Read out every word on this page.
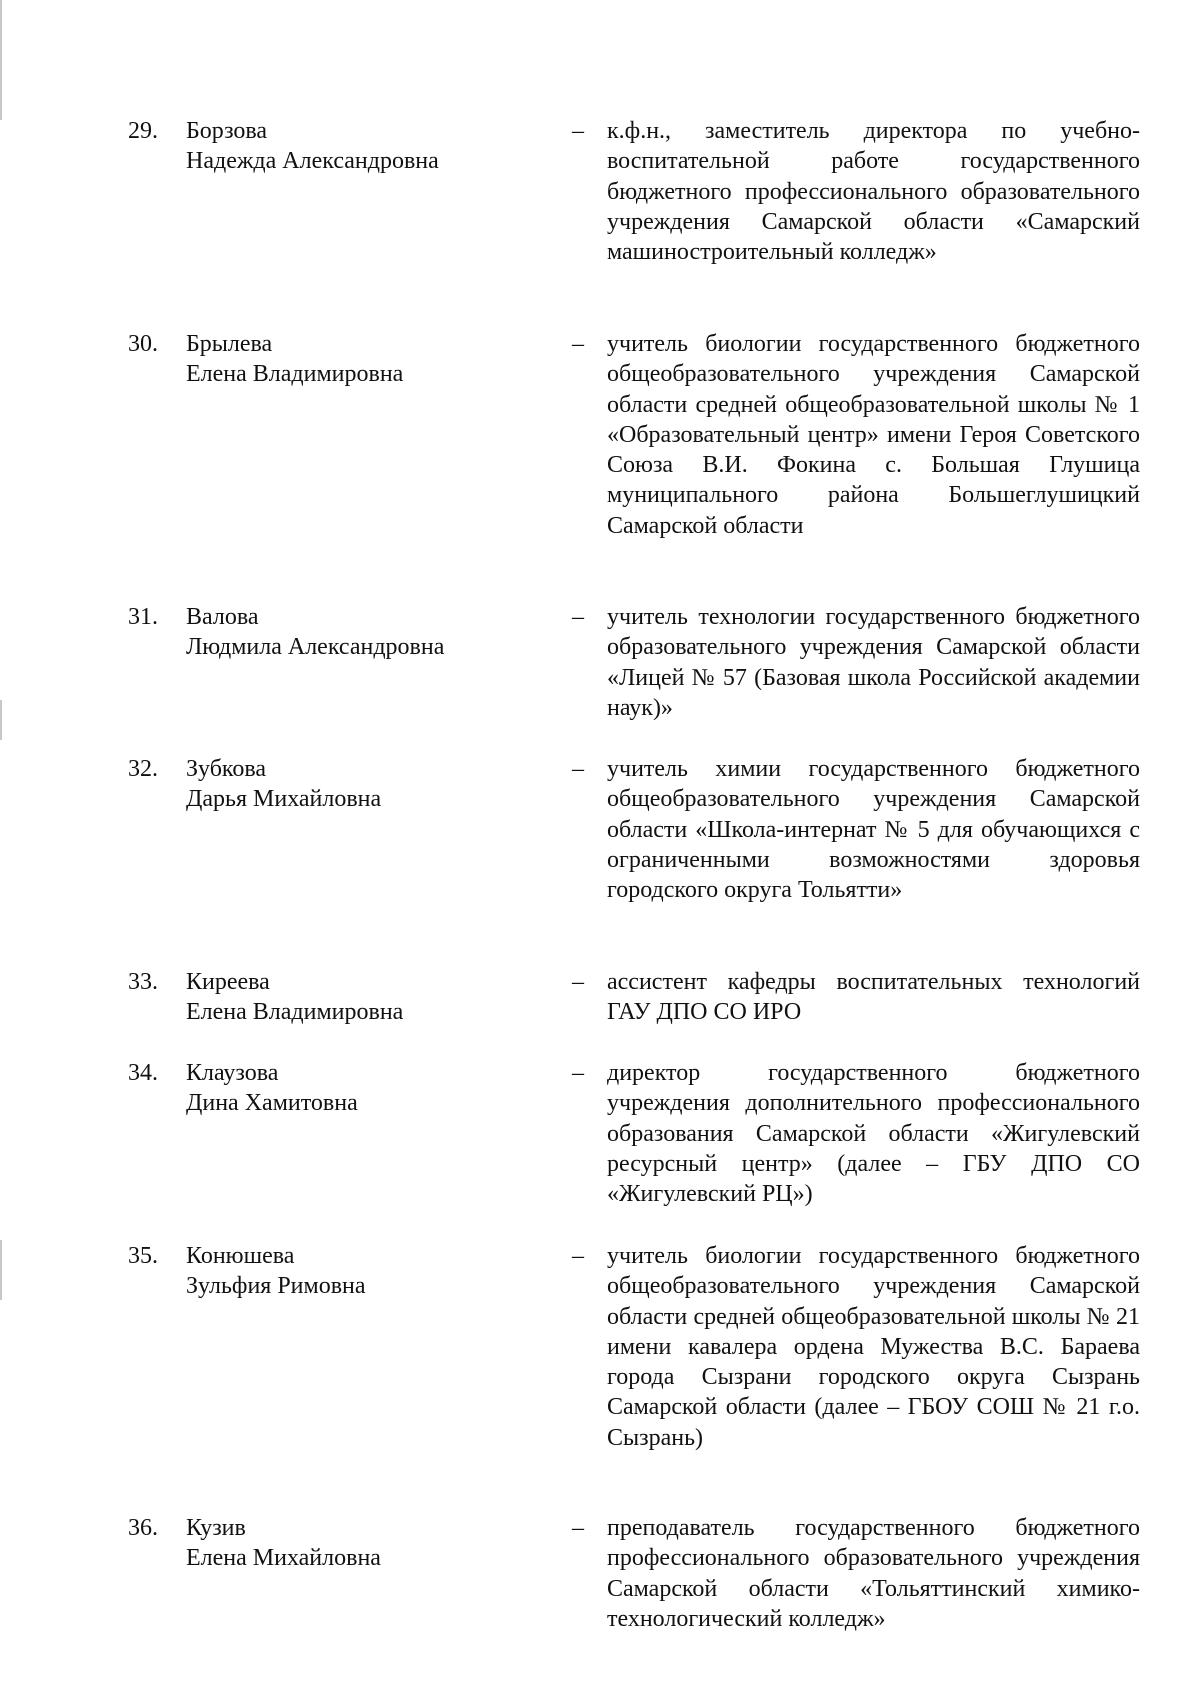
29.	Борзова
Надежда Александровна
– к.ф.н., заместитель директора по учебно-воспитательной работе государственного бюджетного профессионального образовательного учреждения Самарской области «Самарский машиностроительный колледж»
30.	Брылева
Елена Владимировна
– учитель биологии государственного бюджетного общеобразовательного учреждения Самарской области средней общеобразовательной школы № 1 «Образовательный центр» имени Героя Советского Союза В.И. Фокина с. Большая Глушица муниципального района Большеглушицкий Самарской области
31.	Валова
Людмила Александровна
– учитель технологии государственного бюджетного образовательного учреждения Самарской области «Лицей № 57 (Базовая школа Российской академии наук)»
32.	Зубкова
Дарья Михайловна
– учитель химии государственного бюджетного общеобразовательного учреждения Самарской области «Школа-интернат № 5 для обучающихся с ограниченными возможностями здоровья городского округа Тольятти»
33.	Киреева
Елена Владимировна
– ассистент кафедры воспитательных технологий ГАУ ДПО СО ИРО
34.	Клаузова
Дина Хамитовна
– директор государственного бюджетного учреждения дополнительного профессионального образования Самарской области «Жигулевский ресурсный центр» (далее – ГБУ ДПО СО «Жигулевский РЦ»)
35.	Конюшева
Зульфия Римовна
– учитель биологии государственного бюджетного общеобразовательного учреждения Самарской области средней общеобразовательной школы № 21 имени кавалера ордена Мужества В.С. Бараева города Сызрани городского округа Сызрань Самарской области (далее – ГБОУ СОШ № 21 г.о. Сызрань)
36.	Кузив
Елена Михайловна
– преподаватель государственного бюджетного профессионального образовательного учреждения Самарской области «Тольяттинский химико-технологический колледж»
